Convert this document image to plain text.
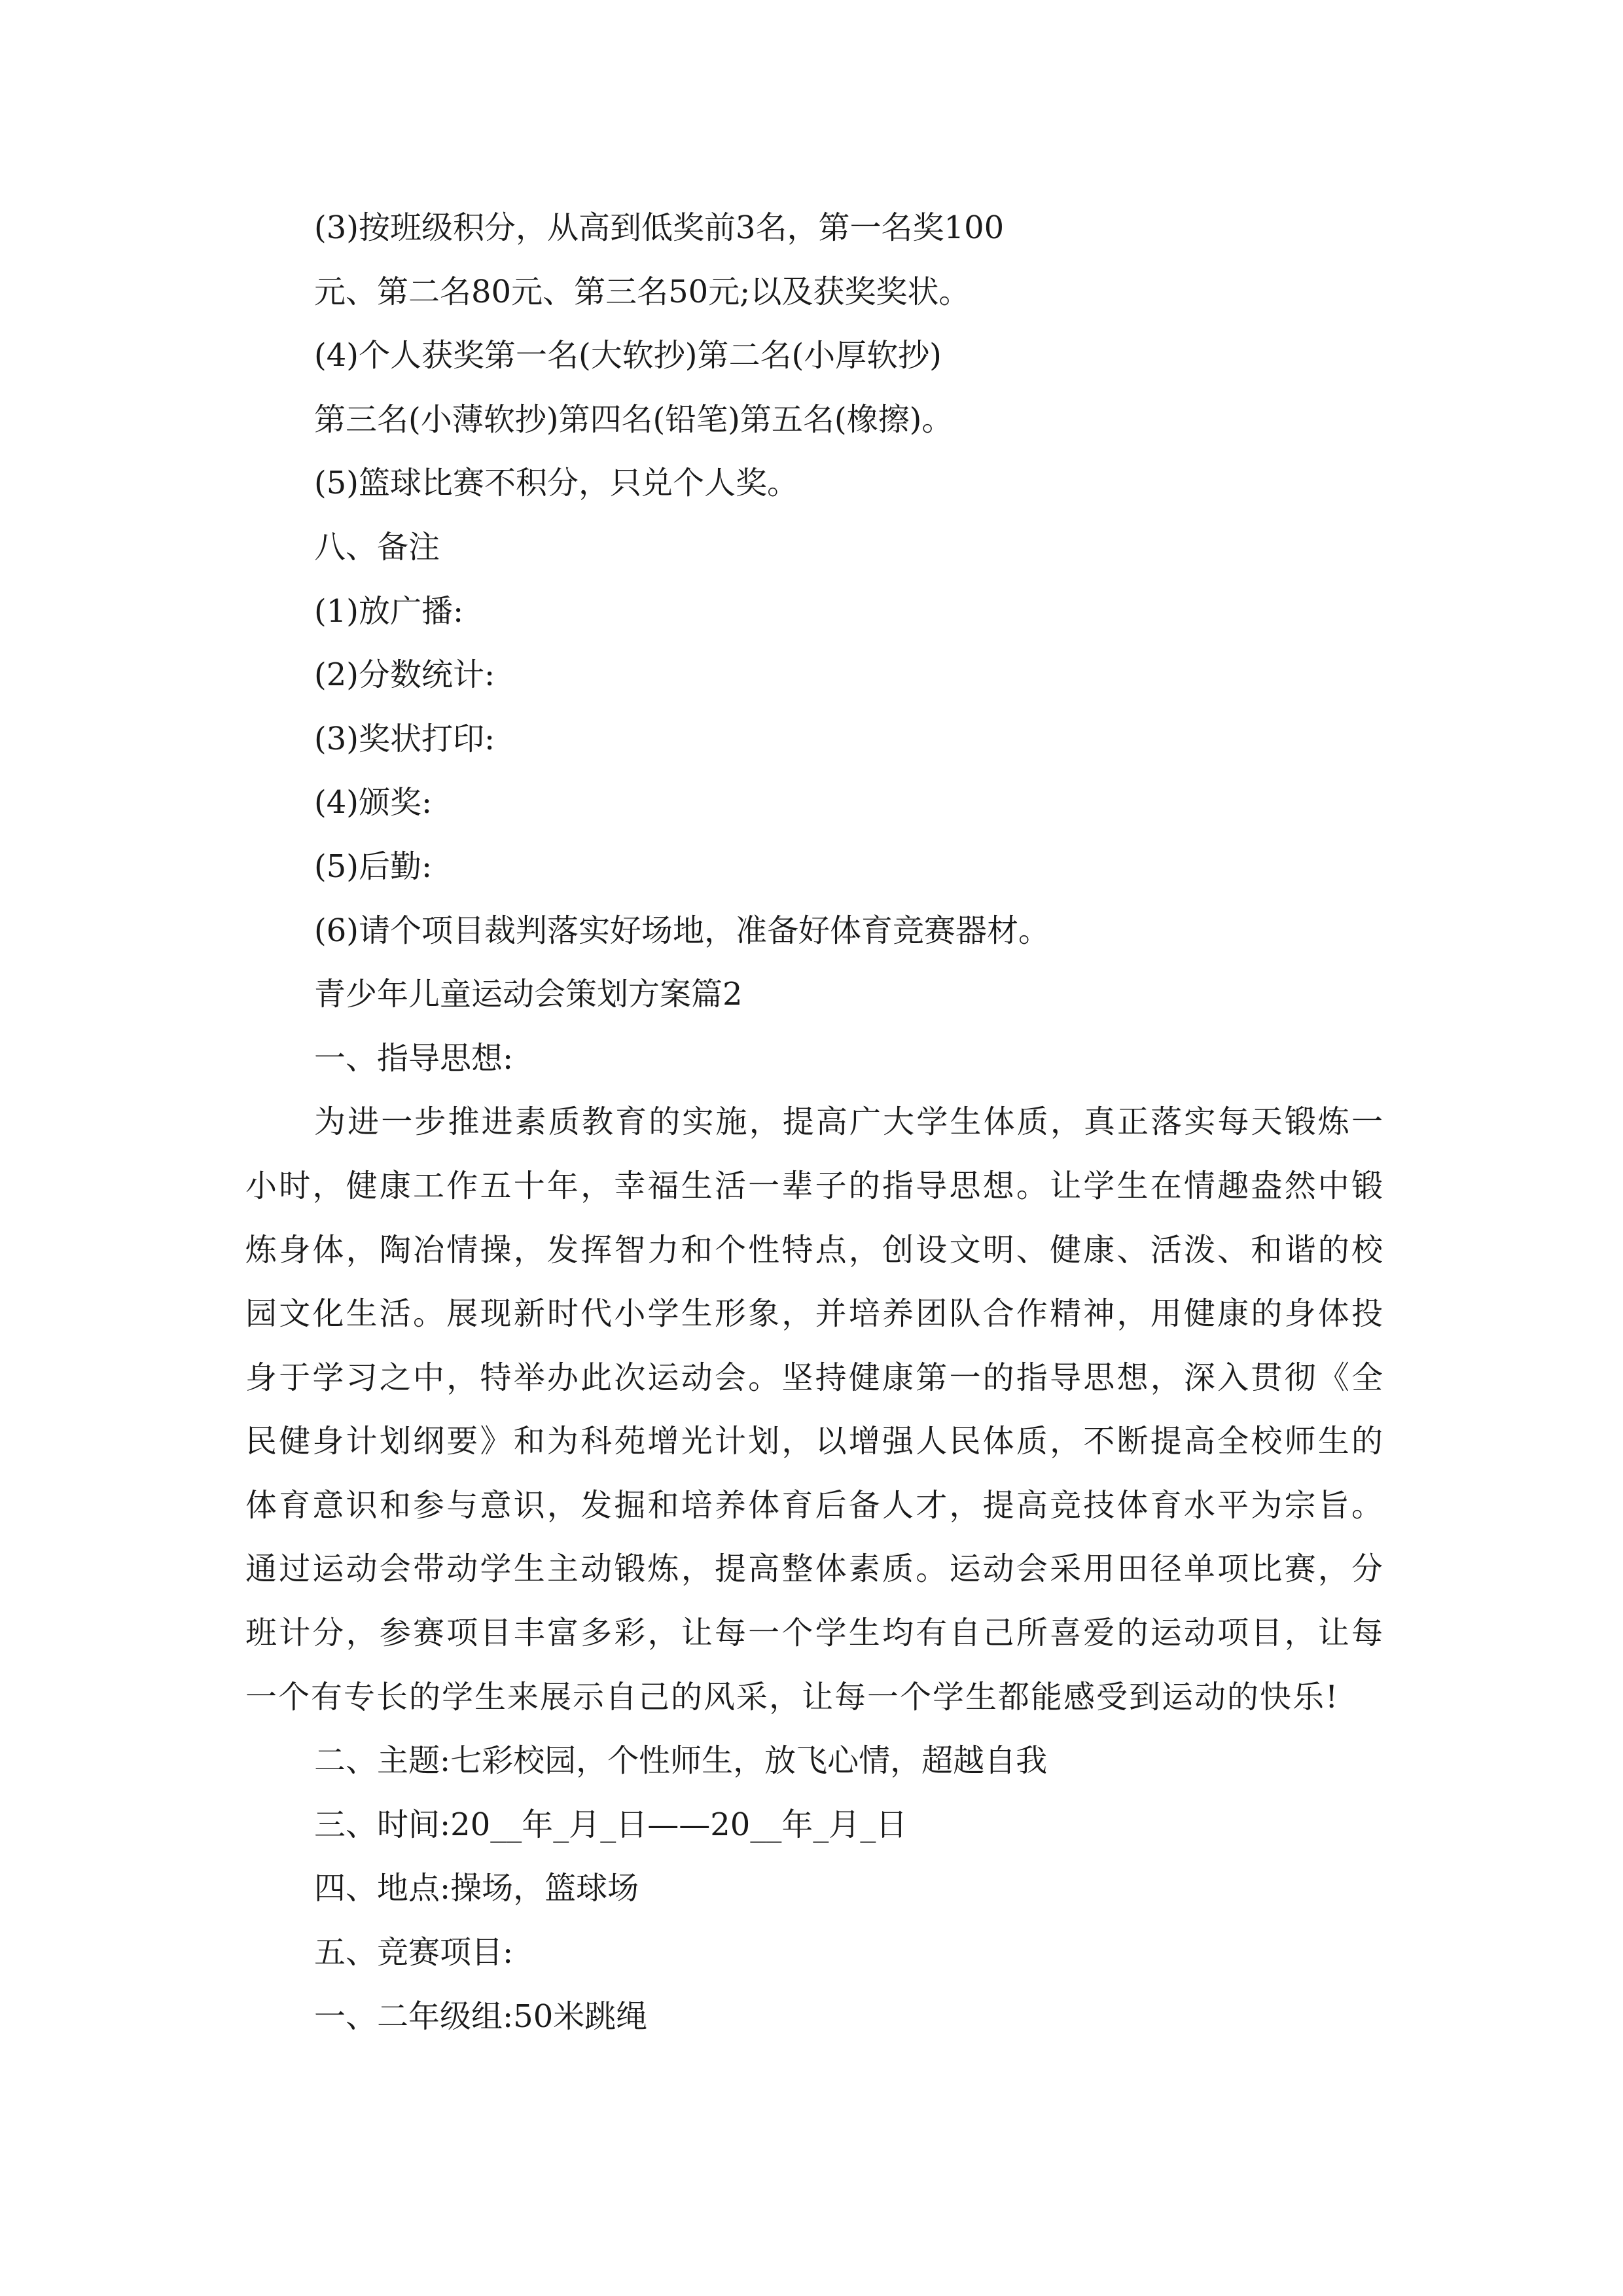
(3)按班级积分，从高到低奖前3名，第一名奖100

元、第二名80元、第三名50元;以及获奖奖状。

(4)个人获奖第一名(大软抄)第二名(小厚软抄)

第三名(小薄软抄)第四名(铅笔)第五名(橡擦)。

(5)篮球比赛不积分，只兑个人奖。

八、备注

(1)放广播:

(2)分数统计:

(3)奖状打印:

(4)颁奖:

(5)后勤:

(6)请个项目裁判落实好场地，准备好体育竞赛器材。

青少年儿童运动会策划方案篇2

一、指导思想:

为进一步推进素质教育的实施，提高广大学生体质，真正落实每天锻炼一小时，健康工作五十年，幸福生活一辈子的指导思想。让学生在情趣盎然中锻炼身体，陶冶情操，发挥智力和个性特点，创设文明、健康、活泼、和谐的校园文化生活。展现新时代小学生形象，并培养团队合作精神，用健康的身体投身于学习之中，特举办此次运动会。坚持健康第一的指导思想，深入贯彻《全民健身计划纲要》和为科苑增光计划，以增强人民体质，不断提高全校师生的体育意识和参与意识，发掘和培养体育后备人才，提高竞技体育水平为宗旨。通过运动会带动学生主动锻炼，提高整体素质。运动会采用田径单项比赛，分班计分，参赛项目丰富多彩，让每一个学生均有自己所喜爱的运动项目，让每一个有专长的学生来展示自己的风采，让每一个学生都能感受到运动的快乐!

二、主题:七彩校园，个性师生，放飞心情，超越自我

三、时间:20__年_月_日——20__年_月_日

四、地点:操场，篮球场

五、竞赛项目:

一、二年级组:50米跳绳
